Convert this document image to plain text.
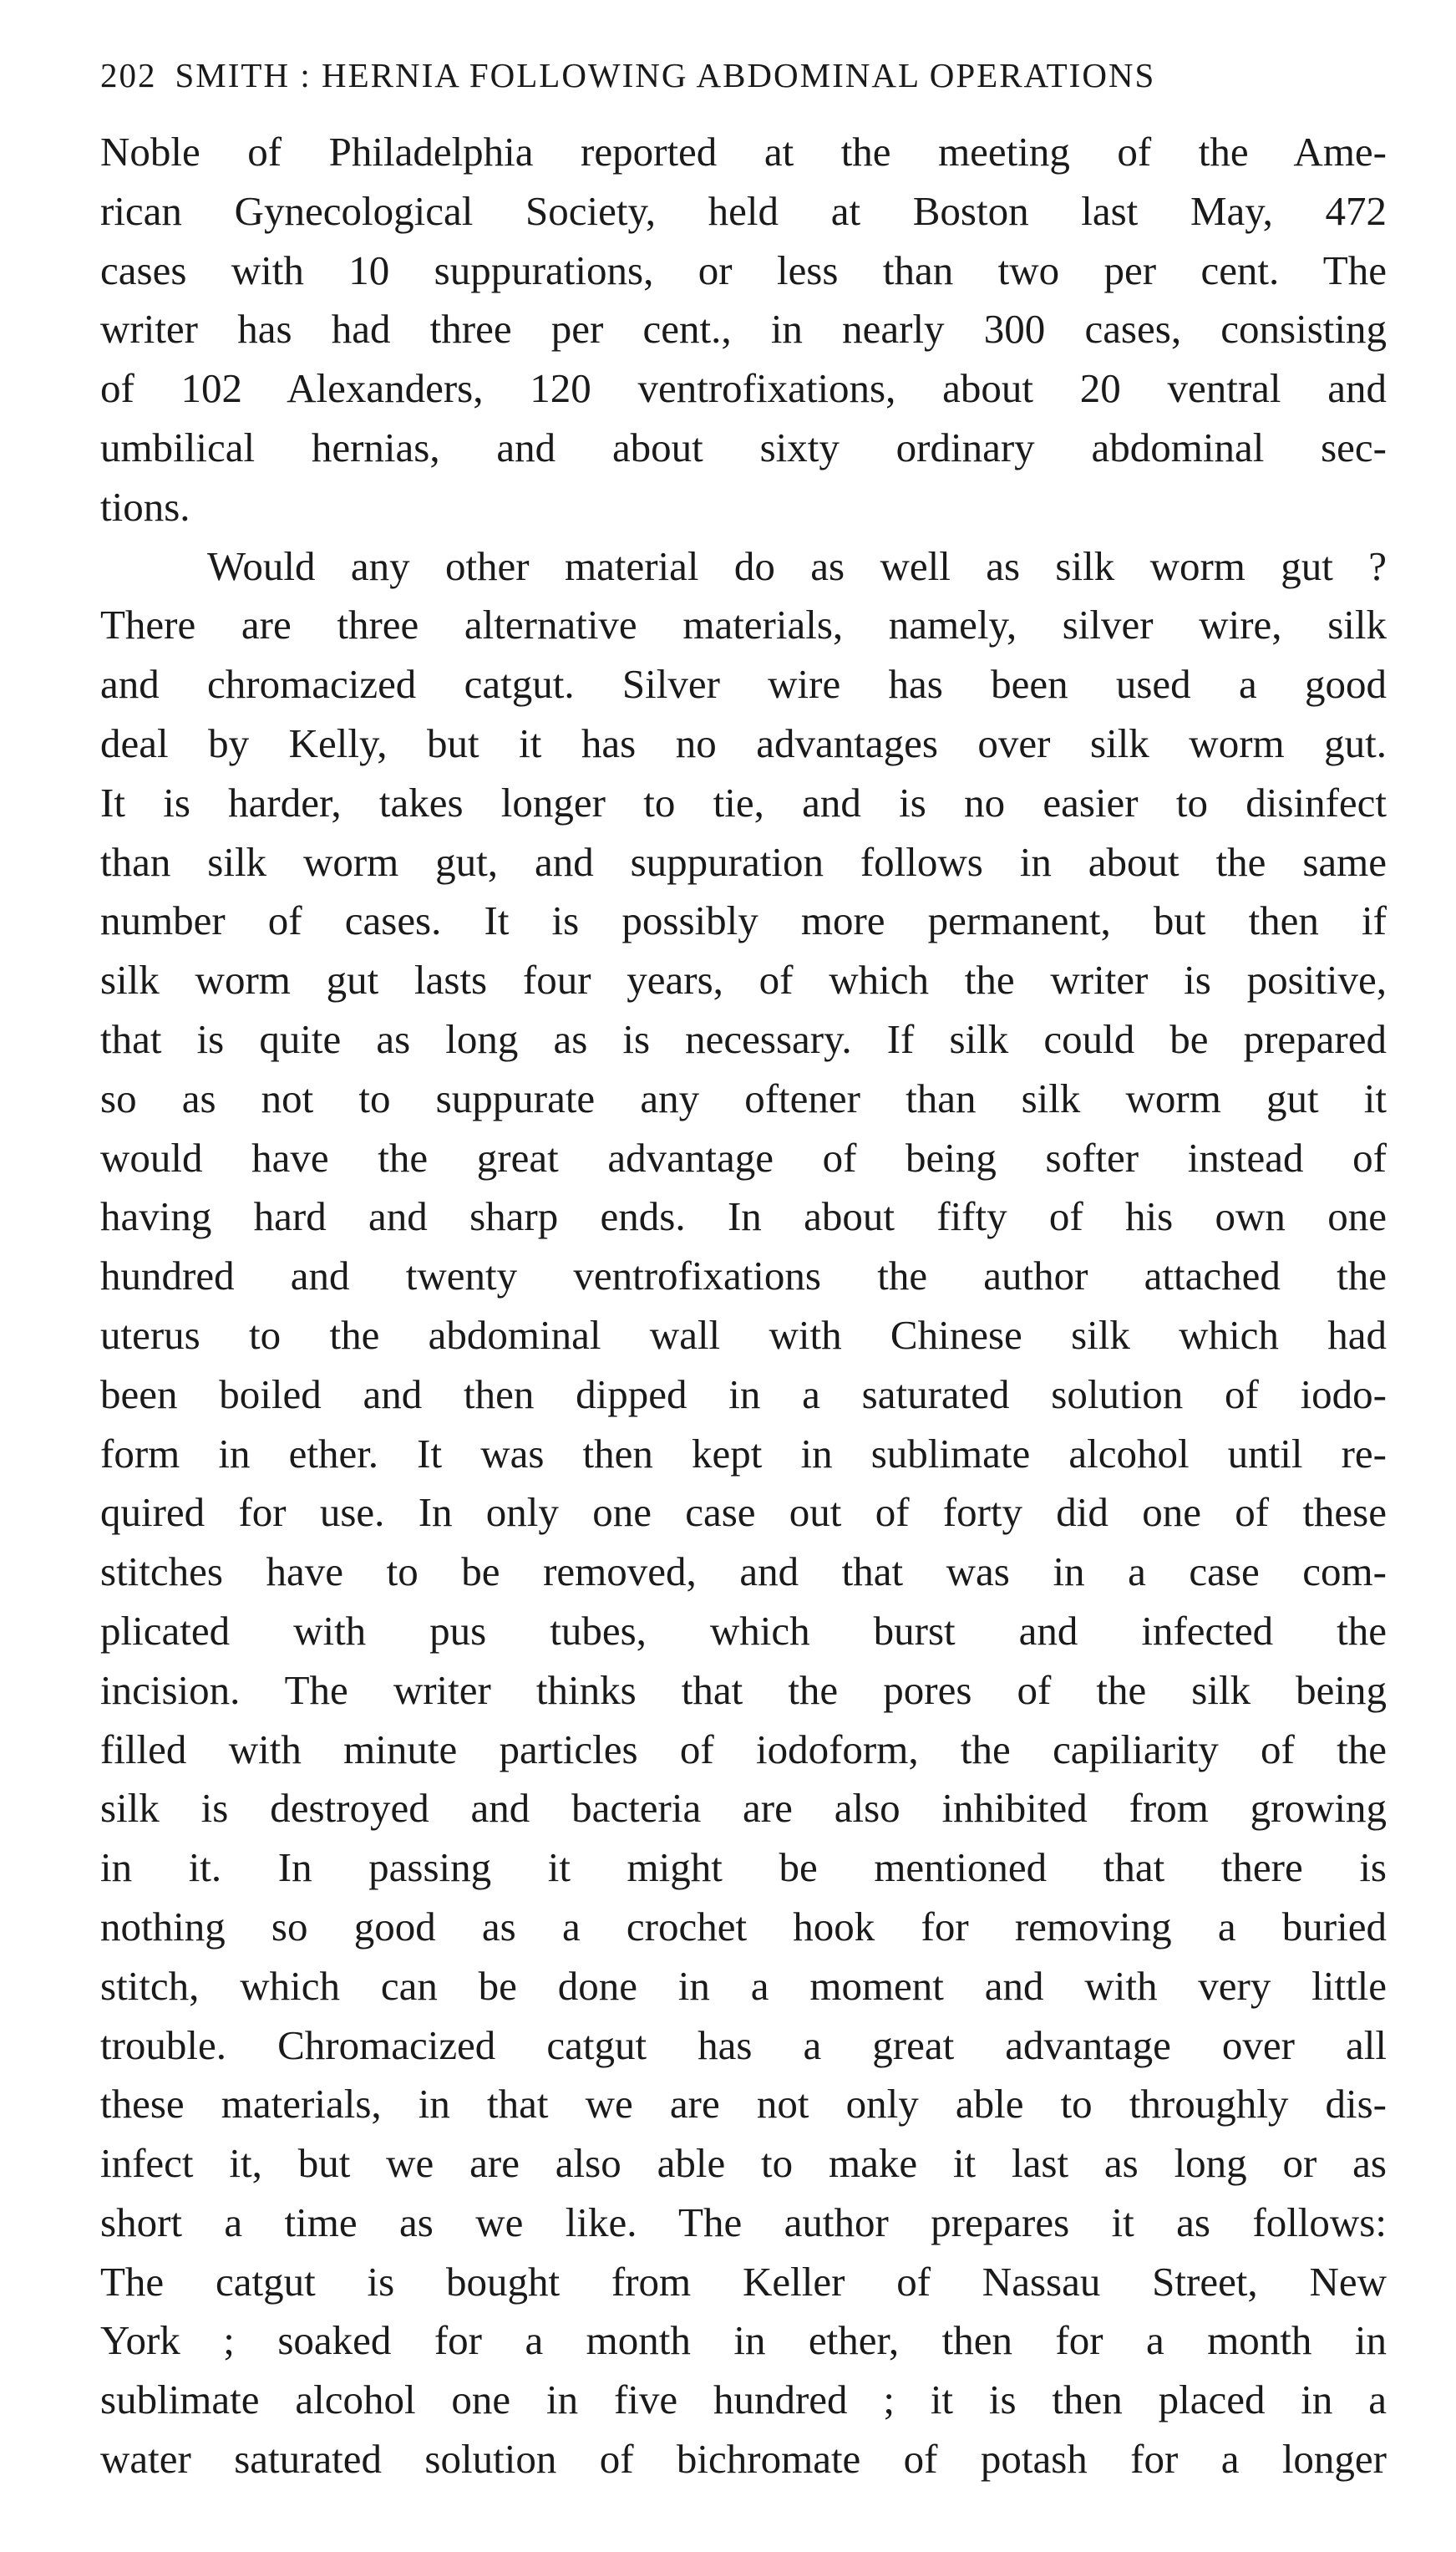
202 SMITH : HERNIA FOLLOWING ABDOMINAL OPERATIONS
Noble of Philadelphia reported at the meeting of the Ame-
rican Gynecological Society, held at Boston last May, 472
cases with 10 suppurations, or less than two per cent. The
writer has had three per cent., in nearly 300 cases, consisting
of 102 Alexanders, 120 ventrofixations, about 20 ventral and
umbilical hernias, and about sixty ordinary abdominal sec-
tions.
Would any other material do as well as silk worm gut ?
There are three alternative materials, namely, silver wire, silk
and chromacized catgut. Silver wire has been used a good
deal by Kelly, but it has no advantages over silk worm gut.
It is harder, takes longer to tie, and is no easier to disinfect
than silk worm gut, and suppuration follows in about the same
number of cases. It is possibly more permanent, but then if
silk worm gut lasts four years, of which the writer is positive,
that is quite as long as is necessary. If silk could be prepared
so as not to suppurate any oftener than silk worm gut it
would have the great advantage of being softer instead of
having hard and sharp ends. In about fifty of his own one
hundred and twenty ventrofixations the author attached the
uterus to the abdominal wall with Chinese silk which had
been boiled and then dipped in a saturated solution of iodo-
form in ether. It was then kept in sublimate alcohol until re-
quired for use. In only one case out of forty did one of these
stitches have to be removed, and that was in a case com-
plicated with pus tubes, which burst and infected the
incision. The writer thinks that the pores of the silk being
filled with minute particles of iodoform, the capiliarity of the
silk is destroyed and bacteria are also inhibited from growing
in it. In passing it might be mentioned that there is
nothing so good as a crochet hook for removing a buried
stitch, which can be done in a moment and with very little
trouble. Chromacized catgut has a great advantage over all
these materials, in that we are not only able to throughly dis-
infect it, but we are also able to make it last as long or as
short a time as we like. The author prepares it as follows:
The catgut is bought from Keller of Nassau Street, New
York ; soaked for a month in ether, then for a month in
sublimate alcohol one in five hundred ; it is then placed in a
water saturated solution of bichromate of potash for a longer
